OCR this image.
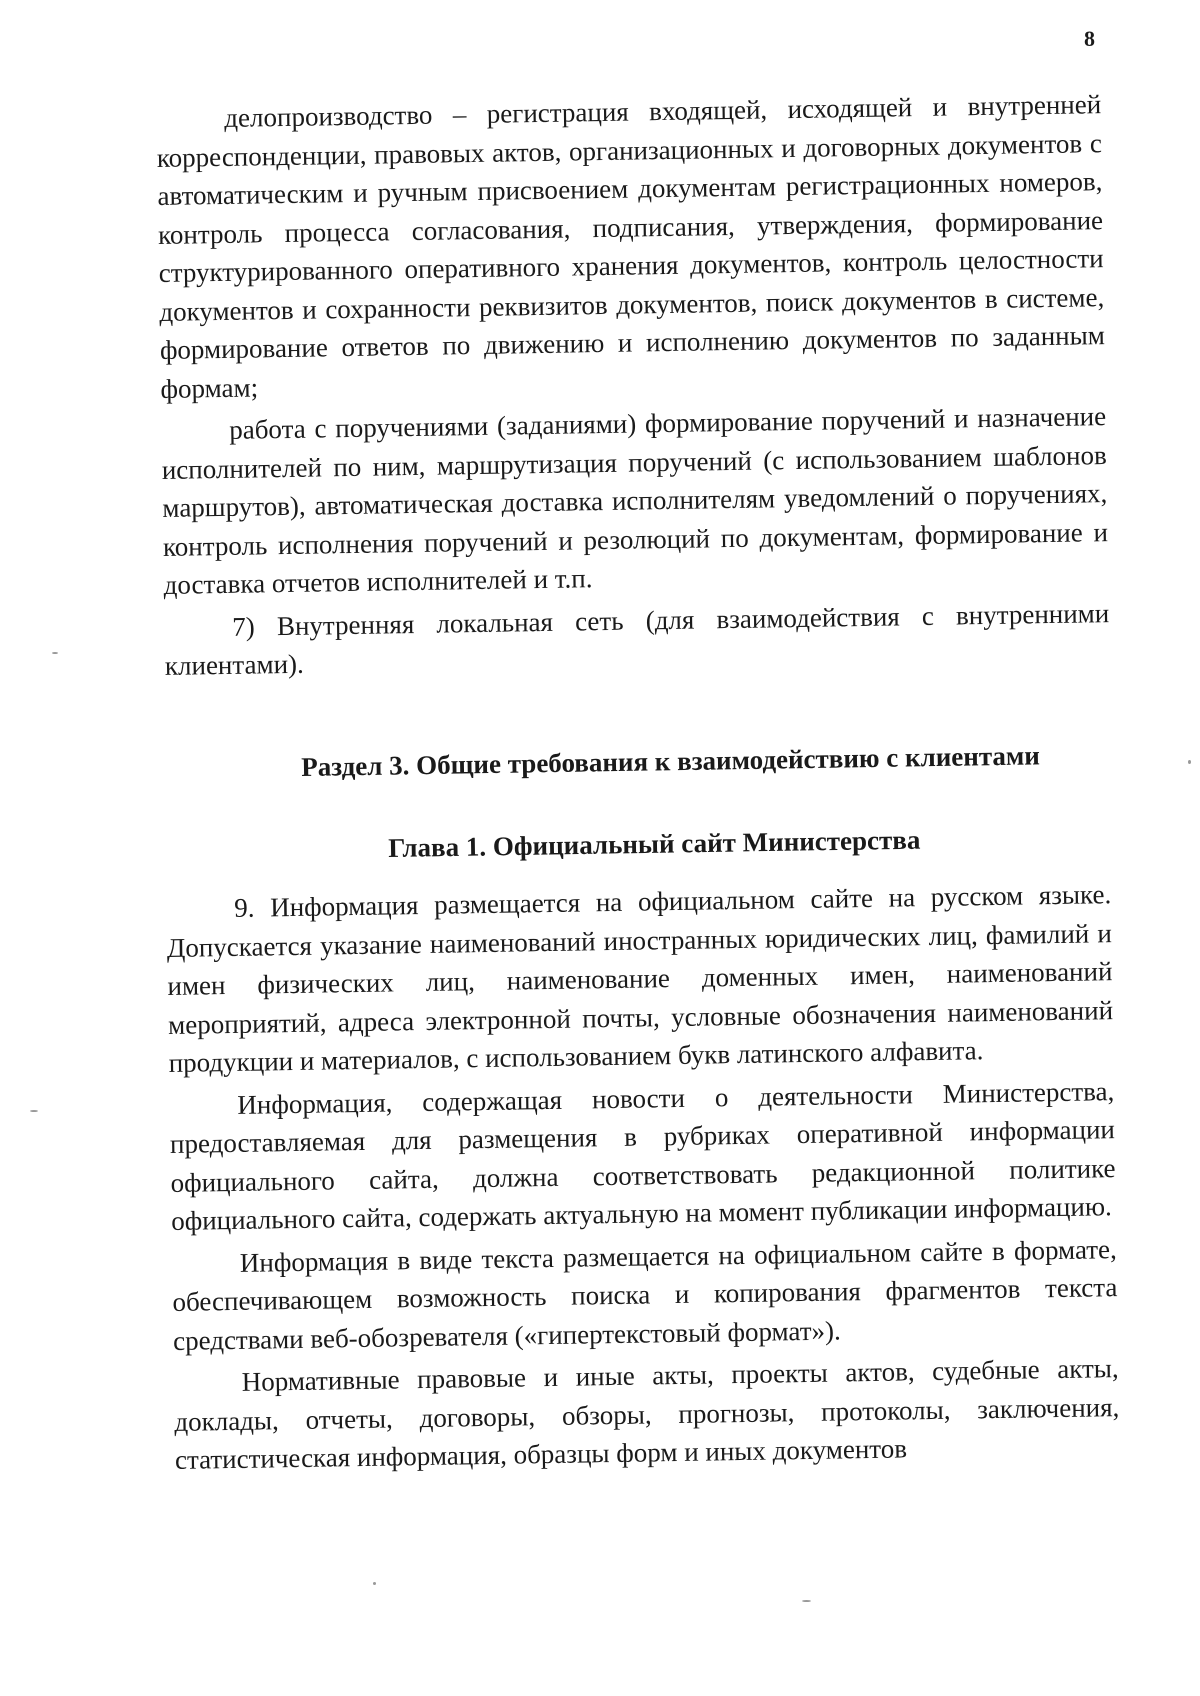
8

делопроизводство – регистрация входящей, исходящей и внутренней корреспонденции, правовых актов, организационных и договорных документов с автоматическим и ручным присвоением документам регистрационных номеров, контроль процесса согласования, подписания, утверждения, формирование структурированного оперативного хранения документов, контроль целостности документов и сохранности реквизитов документов, поиск документов в системе, формирование ответов по движению и исполнению документов по заданным формам;

работа с поручениями (заданиями) формирование поручений и назначение исполнителей по ним, маршрутизация поручений (с использованием шаблонов маршрутов), автоматическая доставка исполнителям уведомлений о поручениях, контроль исполнения поручений и резолюций по документам, формирование и доставка отчетов исполнителей и т.п.

7) Внутренняя локальная сеть (для взаимодействия с внутренними клиентами).

Раздел 3. Общие требования к взаимодействию с клиентами
Глава 1. Официальный сайт Министерства

9. Информация размещается на официальном сайте на русском языке. Допускается указание наименований иностранных юридических лиц, фамилий и имен физических лиц, наименование доменных имен, наименований мероприятий, адреса электронной почты, условные обозначения наименований продукции и материалов, с использованием букв латинского алфавита.

Информация, содержащая новости о деятельности Министерства, предоставляемая для размещения в рубриках оперативной информации официального сайта, должна соответствовать редакционной политике официального сайта, содержать актуальную на момент публикации информацию.

Информация в виде текста размещается на официальном сайте в формате, обеспечивающем возможность поиска и копирования фрагментов текста средствами веб-обозревателя («гипертекстовый формат»).

Нормативные правовые и иные акты, проекты актов, судебные акты, доклады, отчеты, договоры, обзоры, прогнозы, протоколы, заключения, статистическая информация, образцы форм и иных документов
